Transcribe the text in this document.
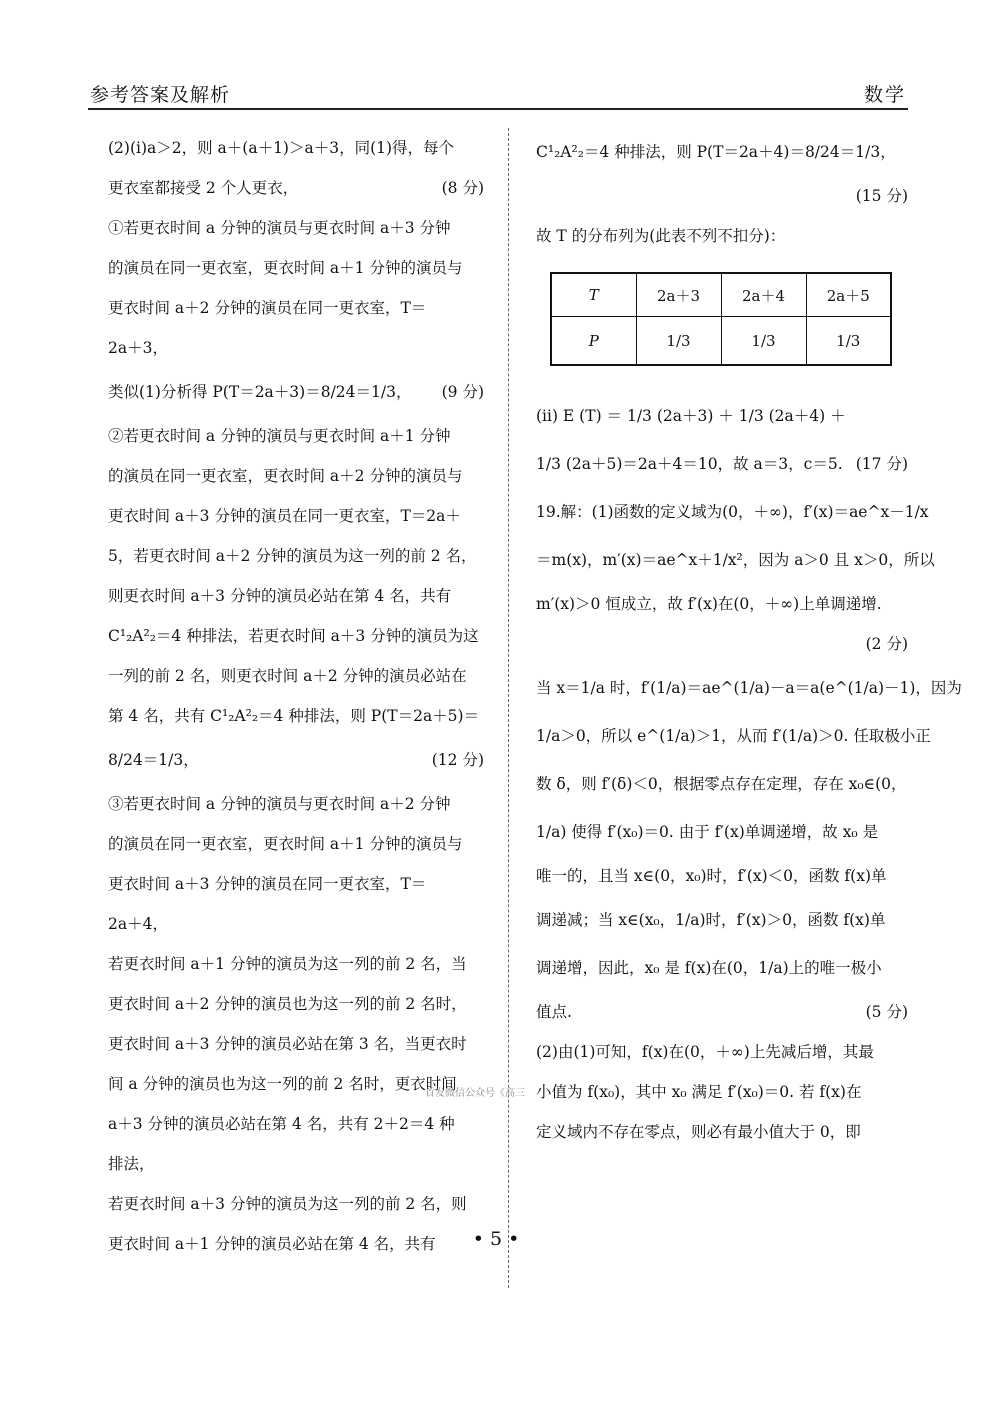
参考答案及解析	数学
(2)(ⅰ)a＞2，则 a＋(a＋1)＞a＋3，同(1)得，每个
更衣室都接受 2 个人更衣，	(8 分)
①若更衣时间 a 分钟的演员与更衣时间 a＋3 分钟
的演员在同一更衣室，更衣时间 a＋1 分钟的演员与
更衣时间 a＋2 分钟的演员在同一更衣室，T＝
2a＋3，
类似(1)分析得 P(T＝2a＋3)＝8/24＝1/3， (9 分)
②若更衣时间 a 分钟的演员与更衣时间 a＋1 分钟
的演员在同一更衣室，更衣时间 a＋2 分钟的演员与
更衣时间 a＋3 分钟的演员在同一更衣室，T＝2a＋
5，若更衣时间 a＋2 分钟的演员为这一列的前 2 名，
则更衣时间 a＋3 分钟的演员必站在第 4 名，共有
C¹₂A²₂＝4 种排法，若更衣时间 a＋3 分钟的演员为这
一列的前 2 名，则更衣时间 a＋2 分钟的演员必站在
第 4 名，共有 C¹₂A²₂＝4 种排法，则 P(T＝2a＋5)＝
8/24＝1/3，	(12 分)
③若更衣时间 a 分钟的演员与更衣时间 a＋2 分钟
的演员在同一更衣室，更衣时间 a＋1 分钟的演员与
更衣时间 a＋3 分钟的演员在同一更衣室，T＝
2a＋4，
若更衣时间 a＋1 分钟的演员为这一列的前 2 名，当
更衣时间 a＋2 分钟的演员也为这一列的前 2 名时，
更衣时间 a＋3 分钟的演员必站在第 3 名，当更衣时
间 a 分钟的演员也为这一列的前 2 名时，更衣时间
a＋3 分钟的演员必站在第 4 名，共有 2＋2＝4 种
排法，
若更衣时间 a＋3 分钟的演员为这一列的前 2 名，则
更衣时间 a＋1 分钟的演员必站在第 4 名，共有
C¹₂A²₂＝4 种排法，则 P(T＝2a＋4)＝8/24＝1/3，
(15 分)
故 T 的分布列为(此表不列不扣分)：
T	2a＋3	2a＋4	2a＋5
P	1/3	1/3	1/3
(ⅱ) E (T) ＝ 1/3 (2a＋3) ＋ 1/3 (2a＋4) ＋
1/3 (2a＋5)＝2a＋4＝10，故 a＝3，c＝5. (17 分)
19.解：(1)函数的定义域为(0，＋∞)，f′(x)＝ae^x－1/x
＝m(x)，m′(x)＝ae^x＋1/x²，因为 a＞0 且 x＞0，所以
m′(x)＞0 恒成立，故 f′(x)在(0，＋∞)上单调递增.
(2 分)
当 x＝1/a 时，f′(1/a)＝ae^(1/a)－a＝a(e^(1/a)－1)，因为
1/a＞0，所以 e^(1/a)＞1，从而 f′(1/a)＞0. 任取极小正
数 δ，则 f′(δ)＜0，根据零点存在定理，存在 x₀∈(0，
1/a) 使得 f′(x₀)＝0. 由于 f′(x)单调递增，故 x₀ 是
唯一的，且当 x∈(0，x₀)时，f′(x)＜0，函数 f(x)单
调递减；当 x∈(x₀，1/a)时，f′(x)＞0，函数 f(x)单
调递增，因此，x₀ 是 f(x)在(0，1/a)上的唯一极小
值点.	(5 分)
(2)由(1)可知，f(x)在(0，＋∞)上先减后增，其最
小值为 f(x₀)，其中 x₀ 满足 f′(x₀)＝0. 若 f(x)在
定义域内不存在零点，则必有最小值大于 0，即
首发微信公众号《高三
• 5 •
